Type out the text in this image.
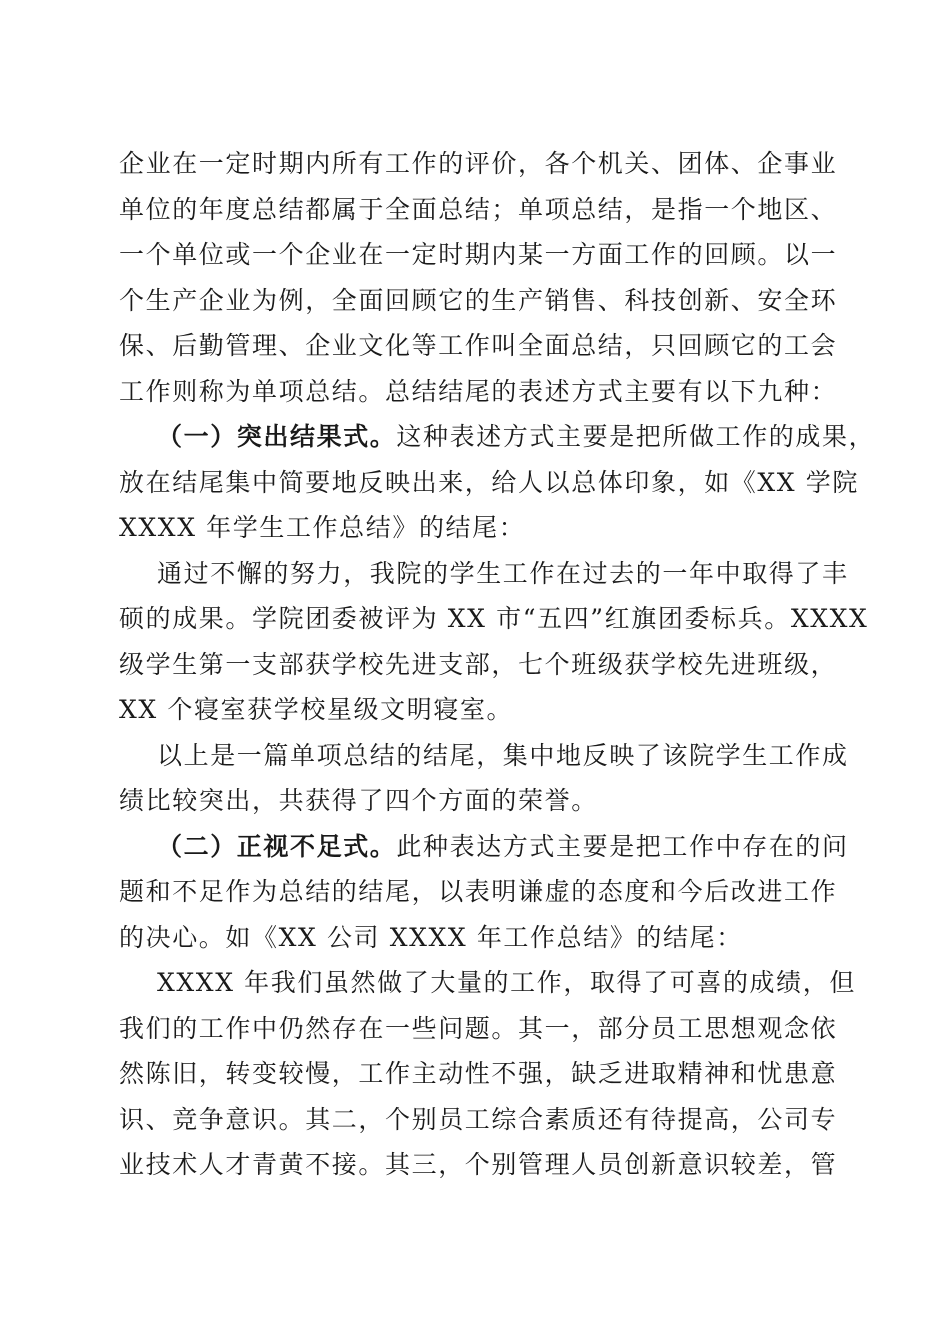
企业在一定时期内所有工作的评价，各个机关、团体、企事业
单位的年度总结都属于全面总结；单项总结，是指一个地区、
一个单位或一个企业在一定时期内某一方面工作的回顾。以一
个生产企业为例，全面回顾它的生产销售、科技创新、安全环
保、后勤管理、企业文化等工作叫全面总结，只回顾它的工会
工作则称为单项总结。总结结尾的表述方式主要有以下九种：
（一）突出结果式。这种表述方式主要是把所做工作的成果，
放在结尾集中简要地反映出来，给人以总体印象，如《XX 学院
XXXX 年学生工作总结》的结尾：
通过不懈的努力，我院的学生工作在过去的一年中取得了丰
硕的成果。学院团委被评为 XX 市“五四”红旗团委标兵。XXXX
级学生第一支部获学校先进支部，七个班级获学校先进班级，
XX 个寝室获学校星级文明寝室。
以上是一篇单项总结的结尾，集中地反映了该院学生工作成
绩比较突出，共获得了四个方面的荣誉。
（二）正视不足式。此种表达方式主要是把工作中存在的问
题和不足作为总结的结尾，以表明谦虚的态度和今后改进工作
的决心。如《XX 公司 XXXX 年工作总结》的结尾：
XXXX 年我们虽然做了大量的工作，取得了可喜的成绩，但
我们的工作中仍然存在一些问题。其一，部分员工思想观念依
然陈旧，转变较慢，工作主动性不强，缺乏进取精神和忧患意
识、竞争意识。其二，个别员工综合素质还有待提高，公司专
业技术人才青黄不接。其三，个别管理人员创新意识较差，管
